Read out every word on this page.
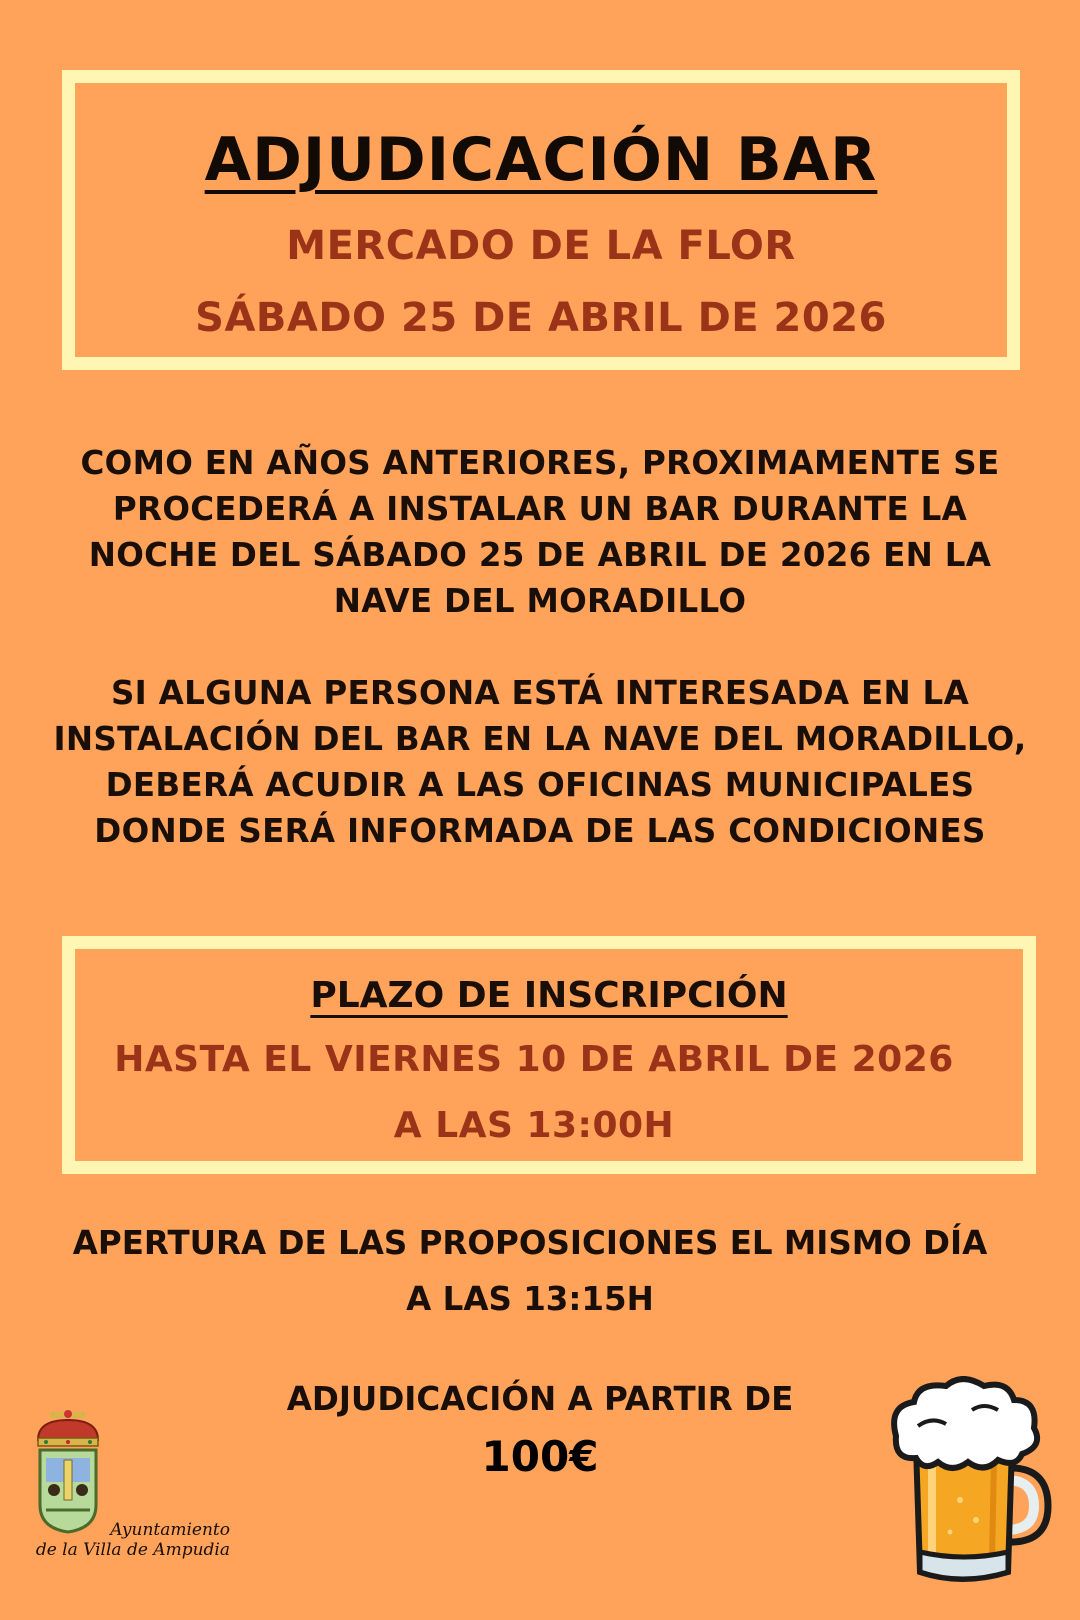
ADJUDICACIÓN BAR
MERCADO DE LA FLOR
SÁBADO 25 DE ABRIL DE 2026
COMO EN AÑOS ANTERIORES, PROXIMAMENTE SE PROCEDERÁ A INSTALAR UN BAR DURANTE LA NOCHE DEL SÁBADO 25 DE ABRIL DE 2026 EN LA NAVE DEL MORADILLO
SI ALGUNA PERSONA ESTÁ INTERESADA EN LA INSTALACIÓN DEL BAR EN LA NAVE DEL MORADILLO, DEBERÁ ACUDIR A LAS OFICINAS MUNICIPALES DONDE SERÁ INFORMADA DE LAS CONDICIONES
PLAZO DE INSCRIPCIÓN
HASTA EL VIERNES 10 DE ABRIL DE 2026
A LAS 13:00H
APERTURA DE LAS PROPOSICIONES EL MISMO DÍA A LAS 13:15H
ADJUDICACIÓN A PARTIR DE
100€
Ayuntamiento
de la Villa de Ampudia
